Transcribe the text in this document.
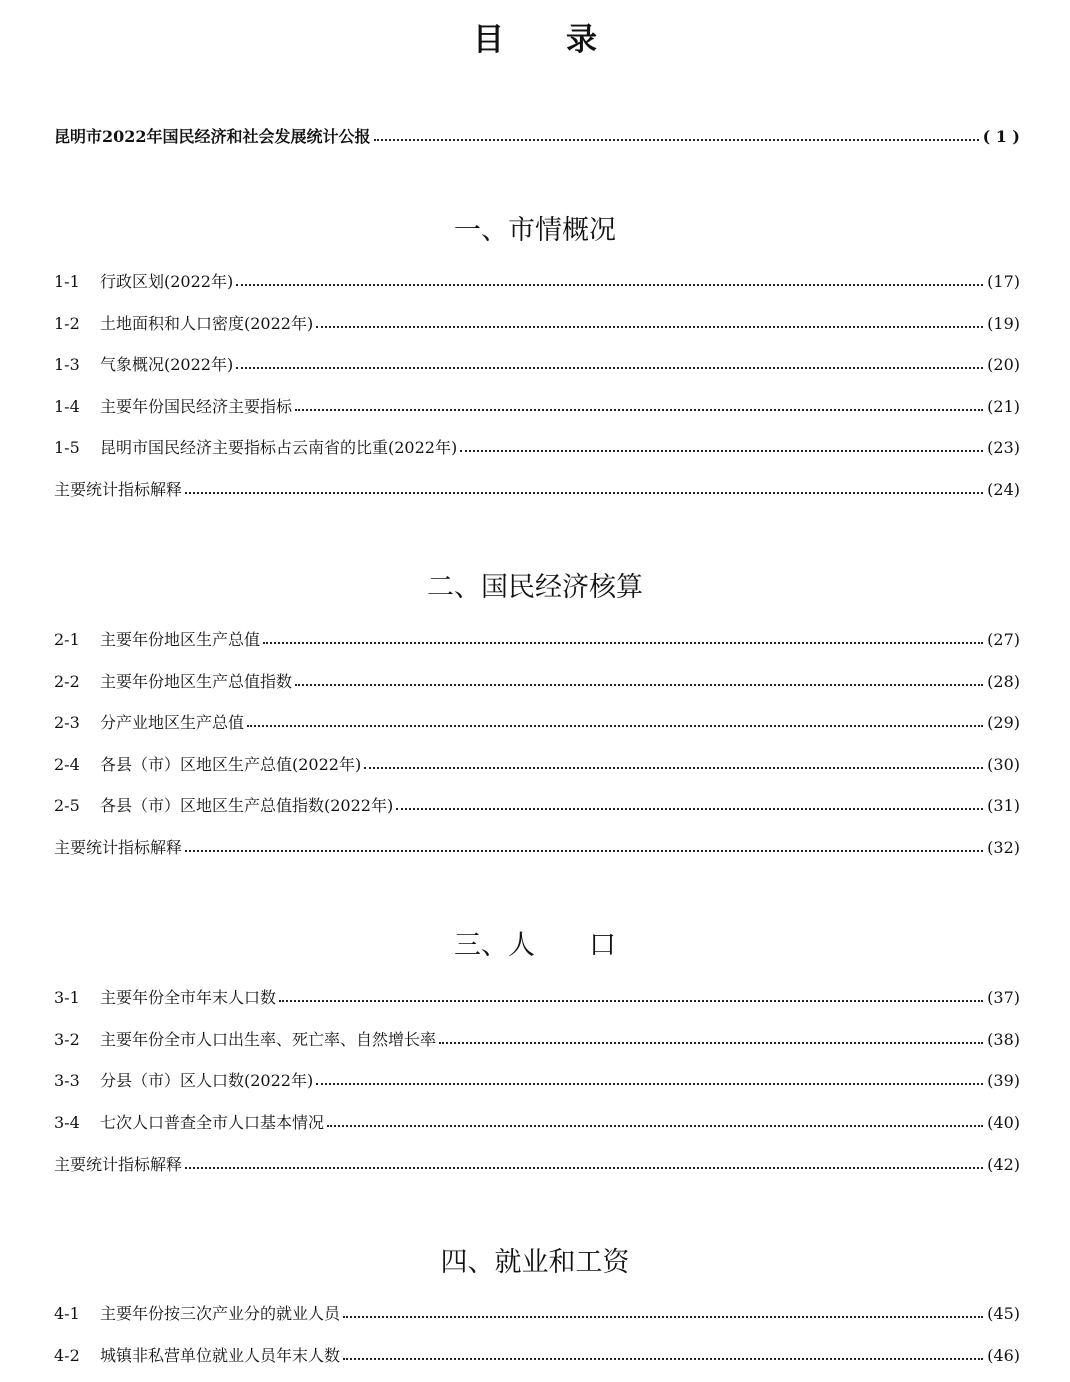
目　　录
昆明市2022年国民经济和社会发展统计公报	( 1 )
一、市情概况
1-1	行政区划(2022年)	(17)
1-2	土地面积和人口密度(2022年)	(19)
1-3	气象概况(2022年)	(20)
1-4	主要年份国民经济主要指标	(21)
1-5	昆明市国民经济主要指标占云南省的比重(2022年)	(23)
主要统计指标解释	(24)
二、国民经济核算
2-1	主要年份地区生产总值	(27)
2-2	主要年份地区生产总值指数	(28)
2-3	分产业地区生产总值	(29)
2-4	各县（市）区地区生产总值(2022年)	(30)
2-5	各县（市）区地区生产总值指数(2022年)	(31)
主要统计指标解释	(32)
三、人　　口
3-1	主要年份全市年末人口数	(37)
3-2	主要年份全市人口出生率、死亡率、自然增长率	(38)
3-3	分县（市）区人口数(2022年)	(39)
3-4	七次人口普查全市人口基本情况	(40)
主要统计指标解释	(42)
四、就业和工资
4-1	主要年份按三次产业分的就业人员	(45)
4-2	城镇非私营单位就业人员年末人数	(46)
